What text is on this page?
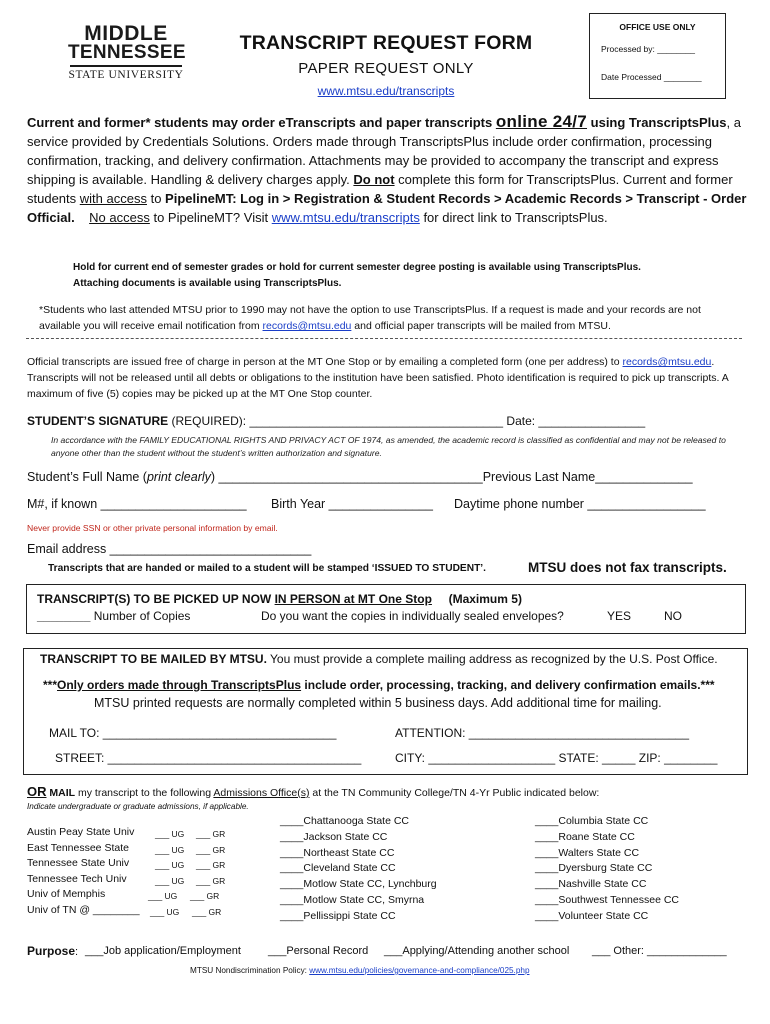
MIDDLE
TENNESSEE
STATE UNIVERSITY
TRANSCRIPT REQUEST FORM
PAPER REQUEST ONLY
www.mtsu.edu/transcripts
OFFICE USE ONLY
Processed by: ________
Date Processed ________
Current and former* students may order eTranscripts and paper transcripts online 24/7 using TranscriptsPlus, a service provided by Credentials Solutions. Orders made through TranscriptsPlus include order confirmation, processing confirmation, tracking, and delivery confirmation. Attachments may be provided to accompany the transcript and express shipping is available. Handling & delivery charges apply. Do not complete this form for TranscriptsPlus. Current and former students with access to PipelineMT: Log in > Registration & Student Records > Academic Records > Transcript - Order Official. No access to PipelineMT? Visit www.mtsu.edu/transcripts for direct link to TranscriptsPlus.
Hold for current end of semester grades or hold for current semester degree posting is available using TranscriptsPlus.
Attaching documents is available using TranscriptsPlus.
*Students who last attended MTSU prior to 1990 may not have the option to use TranscriptsPlus. If a request is made and your records are not available you will receive email notification from records@mtsu.edu and official paper transcripts will be mailed from MTSU.
Official transcripts are issued free of charge in person at the MT One Stop or by emailing a completed form (one per address) to records@mtsu.edu. Transcripts will not be released until all debts or obligations to the institution have been satisfied. Photo identification is required to pick up transcripts. A maximum of five (5) copies may be picked up at the MT One Stop counter.
STUDENT’S SIGNATURE (REQUIRED): ______________________________________ Date: ________________
In accordance with the FAMILY EDUCATIONAL RIGHTS AND PRIVACY ACT OF 1974, as amended, the academic record is classified as confidential and may not be released to anyone other than the student without the student’s written authorization and signature.
Student’s Full Name (print clearly) ______________________________________Previous Last Name______________
M#, if known _____________________ Birth Year _______________ Daytime phone number _________________
Never provide SSN or other private personal information by email.
Email address _____________________________
Transcripts that are handed or mailed to a student will be stamped ‘ISSUED TO STUDENT’.	MTSU does not fax transcripts.
TRANSCRIPT(S) TO BE PICKED UP NOW IN PERSON at MT One Stop     (Maximum 5)
________ Number of Copies	Do you want the copies in individually sealed envelopes?	YES	NO
TRANSCRIPT TO BE MAILED BY MTSU. You must provide a complete mailing address as recognized by the U.S. Post Office.
***Only orders made through TranscriptsPlus include order, processing, tracking, and delivery confirmation emails.***
MTSU printed requests are normally completed within 5 business days. Add additional time for mailing.
MAIL TO: ___________________________________	ATTENTION: _________________________________
STREET: ______________________________________	CITY: ___________________ STATE: _____ ZIP: ________
OR MAIL my transcript to the following Admissions Office(s) at the TN Community College/TN 4-Yr Public indicated below:
Indicate undergraduate or graduate admissions, if applicable.
Austin Peay State Univ ___ UG ___ GR
East Tennessee State	___ UG ___ GR
Tennessee State Univ	___ UG ___ GR
Tennessee Tech Univ	___ UG ___ GR
Univ of Memphis	___ UG ___ GR
Univ of TN @ ________ ___ UG ___ GR
____Chattanooga State CC
____Jackson State CC
____Northeast State CC
____Cleveland State CC
____Motlow State CC, Lynchburg
____Motlow State CC, Smyrna
____Pellissippi State CC
____Columbia State CC
____Roane State CC
____Walters State CC
____Dyersburg State CC
____Nashville State CC
____Southwest Tennessee CC
____Volunteer State CC
Purpose: ___Job application/Employment ___Personal Record ___Applying/Attending another school ___ Other: _____________
MTSU Nondiscrimination Policy: www.mtsu.edu/policies/governance-and-compliance/025.php
